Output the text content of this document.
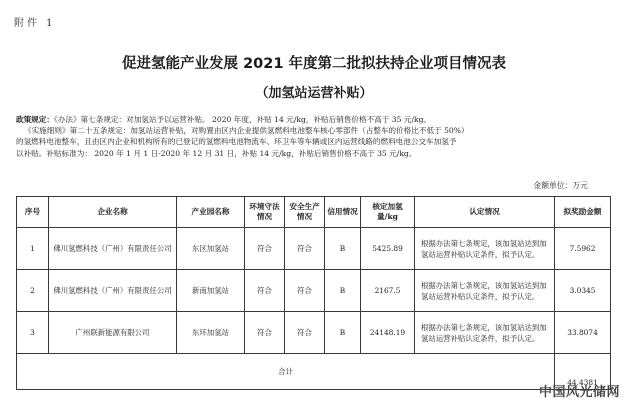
附件 1
促进氢能产业发展 2021 年度第二批拟扶持企业项目情况表
（加氢站运营补贴）

政策规定：《办法》第七条规定：对加氢站予以运营补贴。 2020 年度，补贴 14 元/kg，补贴后销售价格不高于 35 元/kg。

《实施细则》第二十五条规定：加氢站运营补贴，对购置由区内企业提供氢燃料电池整车核心零部件（占整车的价格比不低于 50%）

的氢燃料电池整车，且由区内企业和机构所有的已登记的氢燃料电池物流车、环卫车等车辆或区内运营线路的燃料电池公交车加氢予

以补贴。补贴标准为： 2020 年 1 月 1 日-2020 年 12 月 31 日，补贴 14 元/kg，补贴后销售价格不高于 35 元/kg。

金额单位：万元
序号	企业名称	产业园名称	环境守法情况	安全生产情况	信用情况	核定加氢量/kg	认定情况	拟奖励金额
1	佛川氢燃科技（广州）有限责任公司	东区加氢站	符合	符合	B	5425.89	根据办法第七条规定，该加氢站达到加氢站运营补贴认定条件，拟予认定。	7.5962
2	佛川氢燃科技（广州）有限责任公司	新南加氢站	符合	符合	B	2167.5	根据办法第七条规定，该加氢站达到加氢站运营补贴认定条件，拟予认定。	3.0345
3	广州联新能源有限公司	东环加氢站	符合	符合	B	24148.19	根据办法第七条规定，该加氢站达到加氢站运营补贴认定条件，拟予认定。	33.8074
合计								44.4381
中国风光储网
